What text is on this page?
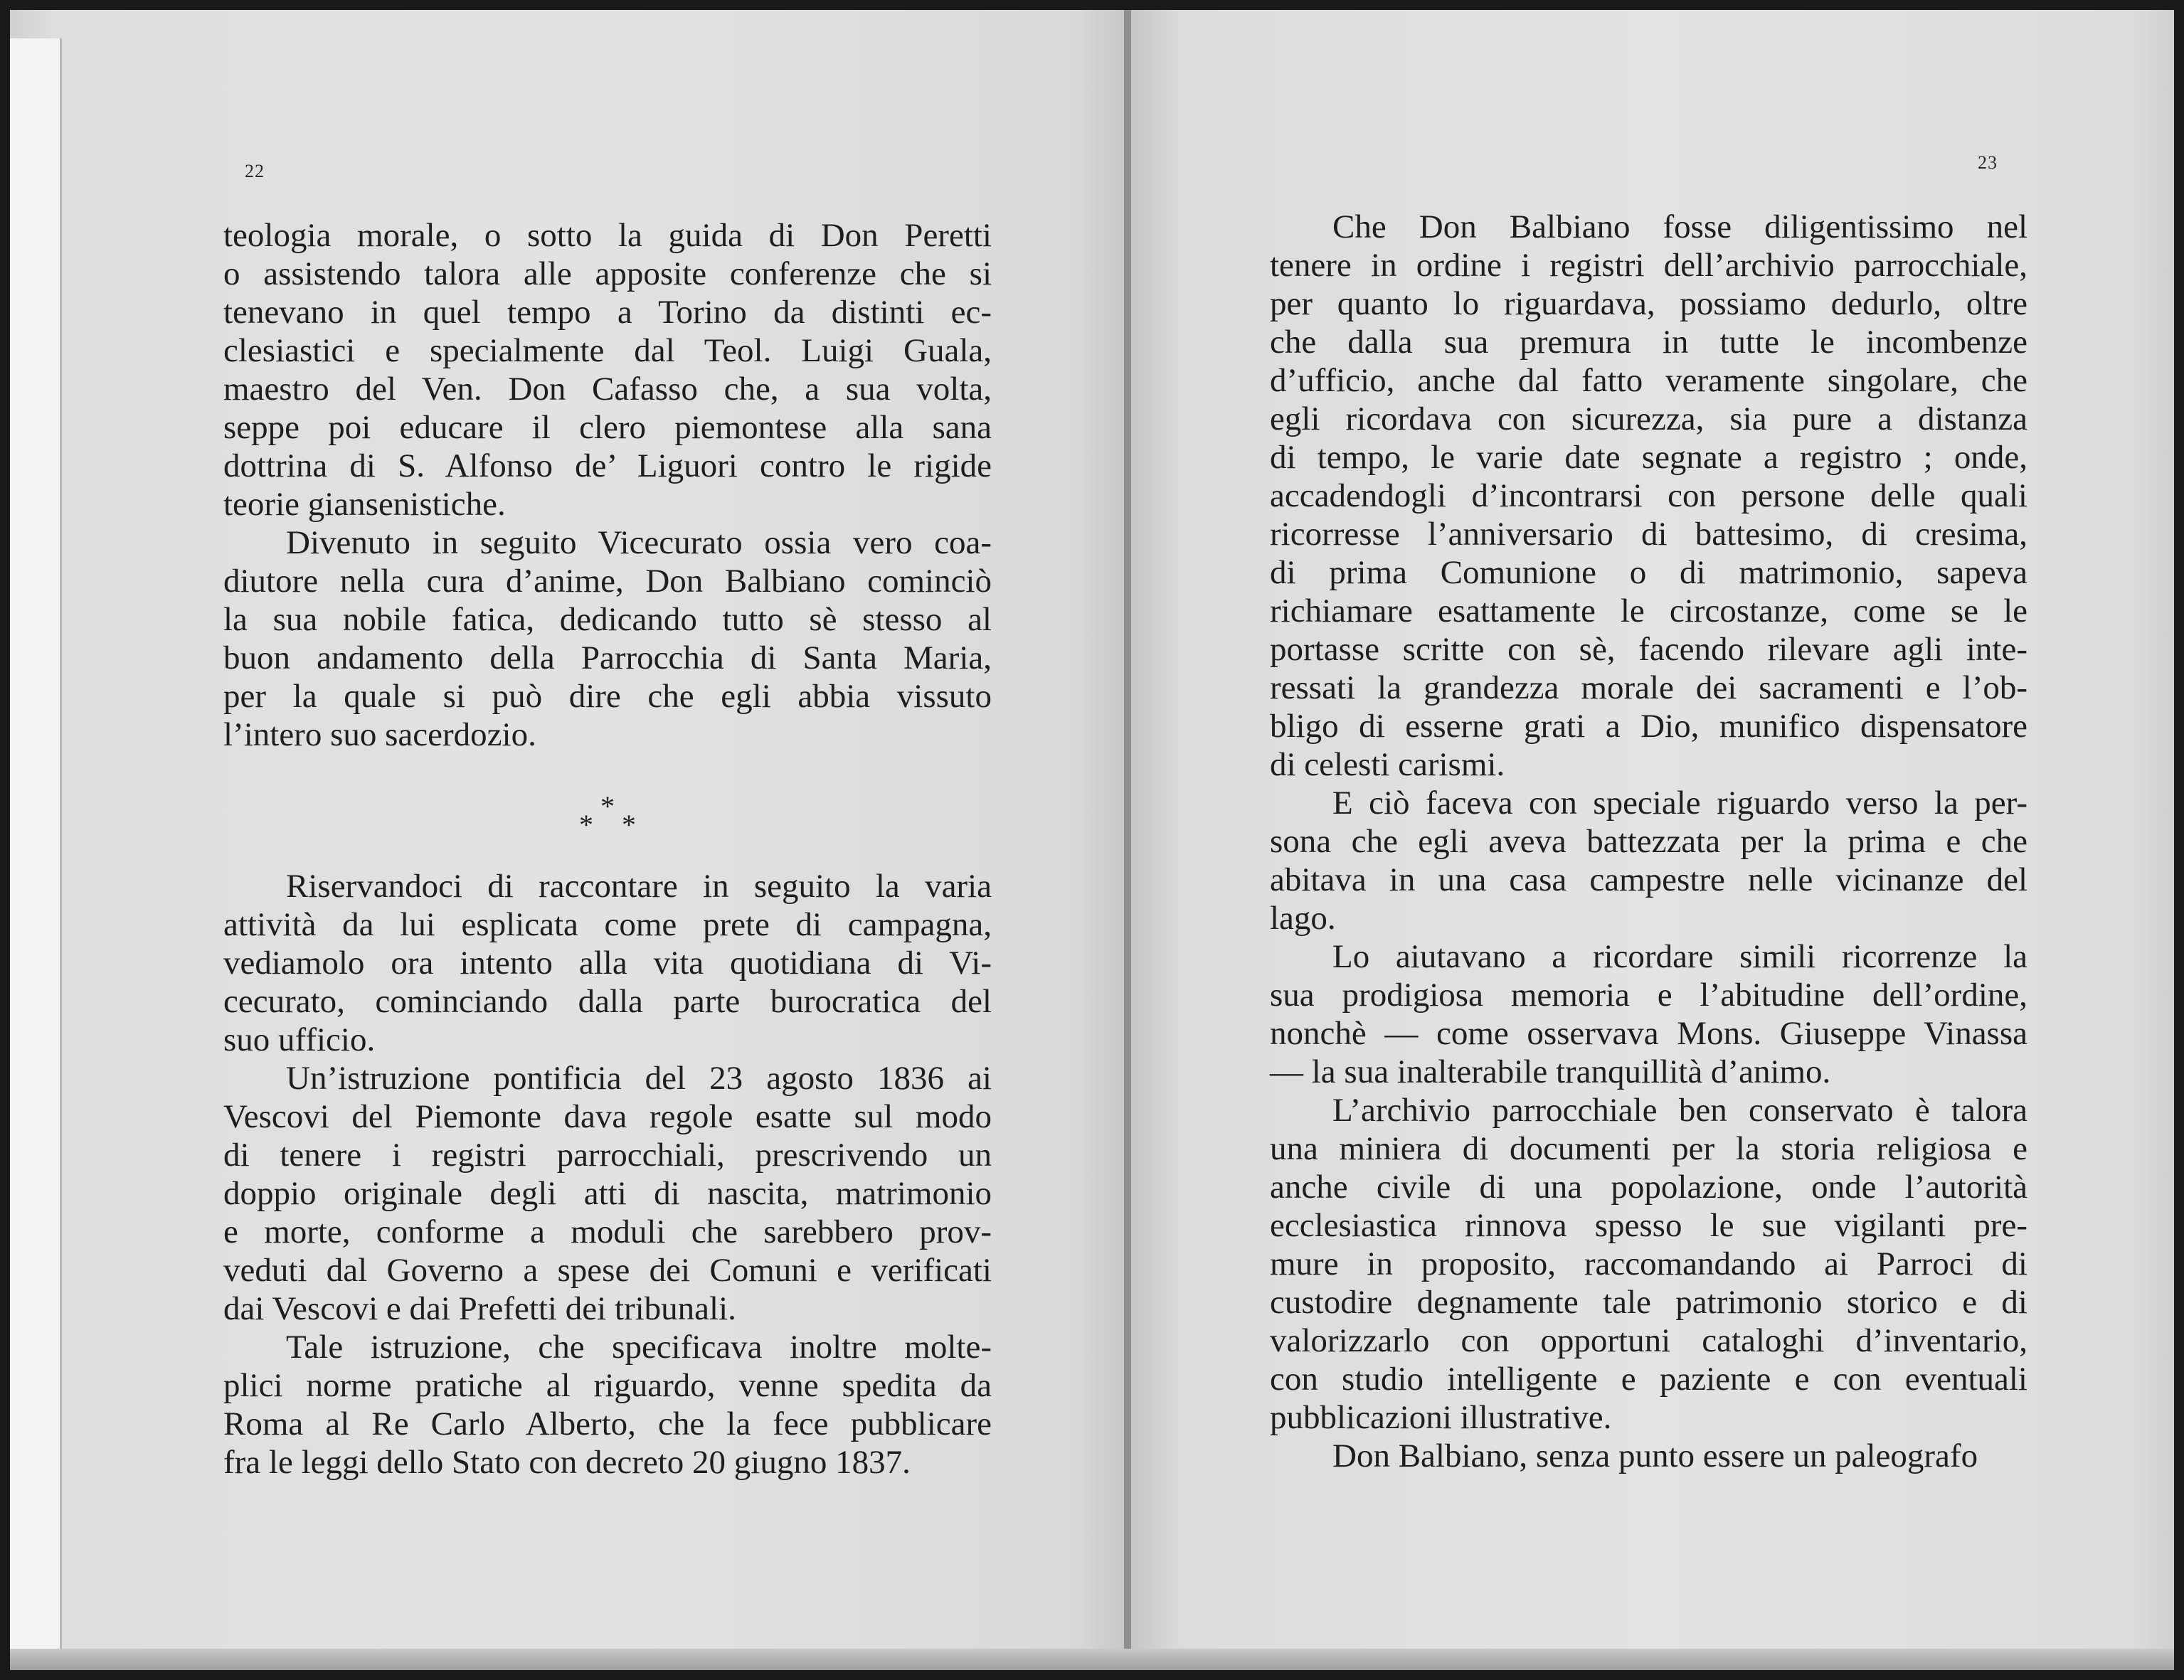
22
teologia morale, o sotto la guida di Don Peretti
o assistendo talora alle apposite conferenze che si
tenevano in quel tempo a Torino da distinti ec-
clesiastici e specialmente dal Teol. Luigi Guala,
maestro del Ven. Don Cafasso che, a sua volta,
seppe poi educare il clero piemontese alla sana
dottrina di S. Alfonso de’ Liguori contro le rigide
teorie giansenistiche.
Divenuto in seguito Vicecurato ossia vero coa-
diutore nella cura d’anime, Don Balbiano cominciò
la sua nobile fatica, dedicando tutto sè stesso al
buon andamento della Parrocchia di Santa Maria,
per la quale si può dire che egli abbia vissuto
l’intero suo sacerdozio.
*
* *
Riservandoci di raccontare in seguito la varia
attività da lui esplicata come prete di campagna,
vediamolo ora intento alla vita quotidiana di Vi-
cecurato, cominciando dalla parte burocratica del
suo ufficio.
Un’istruzione pontificia del 23 agosto 1836 ai
Vescovi del Piemonte dava regole esatte sul modo
di tenere i registri parrocchiali, prescrivendo un
doppio originale degli atti di nascita, matrimonio
e morte, conforme a moduli che sarebbero prov-
veduti dal Governo a spese dei Comuni e verificati
dai Vescovi e dai Prefetti dei tribunali.
Tale istruzione, che specificava inoltre molte-
plici norme pratiche al riguardo, venne spedita da
Roma al Re Carlo Alberto, che la fece pubblicare
fra le leggi dello Stato con decreto 20 giugno 1837.
23
Che Don Balbiano fosse diligentissimo nel
tenere in ordine i registri dell’archivio parrocchiale,
per quanto lo riguardava, possiamo dedurlo, oltre
che dalla sua premura in tutte le incombenze
d’ufficio, anche dal fatto veramente singolare, che
egli ricordava con sicurezza, sia pure a distanza
di tempo, le varie date segnate a registro ; onde,
accadendogli d’incontrarsi con persone delle quali
ricorresse l’anniversario di battesimo, di cresima,
di prima Comunione o di matrimonio, sapeva
richiamare esattamente le circostanze, come se le
portasse scritte con sè, facendo rilevare agli inte-
ressati la grandezza morale dei sacramenti e l’ob-
bligo di esserne grati a Dio, munifico dispensatore
di celesti carismi.
E ciò faceva con speciale riguardo verso la per-
sona che egli aveva battezzata per la prima e che
abitava in una casa campestre nelle vicinanze del
lago.
Lo aiutavano a ricordare simili ricorrenze la
sua prodigiosa memoria e l’abitudine dell’ordine,
nonchè — come osservava Mons. Giuseppe Vinassa
— la sua inalterabile tranquillità d’animo.
L’archivio parrocchiale ben conservato è talora
una miniera di documenti per la storia religiosa e
anche civile di una popolazione, onde l’autorità
ecclesiastica rinnova spesso le sue vigilanti pre-
mure in proposito, raccomandando ai Parroci di
custodire degnamente tale patrimonio storico e di
valorizzarlo con opportuni cataloghi d’inventario,
con studio intelligente e paziente e con eventuali
pubblicazioni illustrative.
Don Balbiano, senza punto essere un paleografo
